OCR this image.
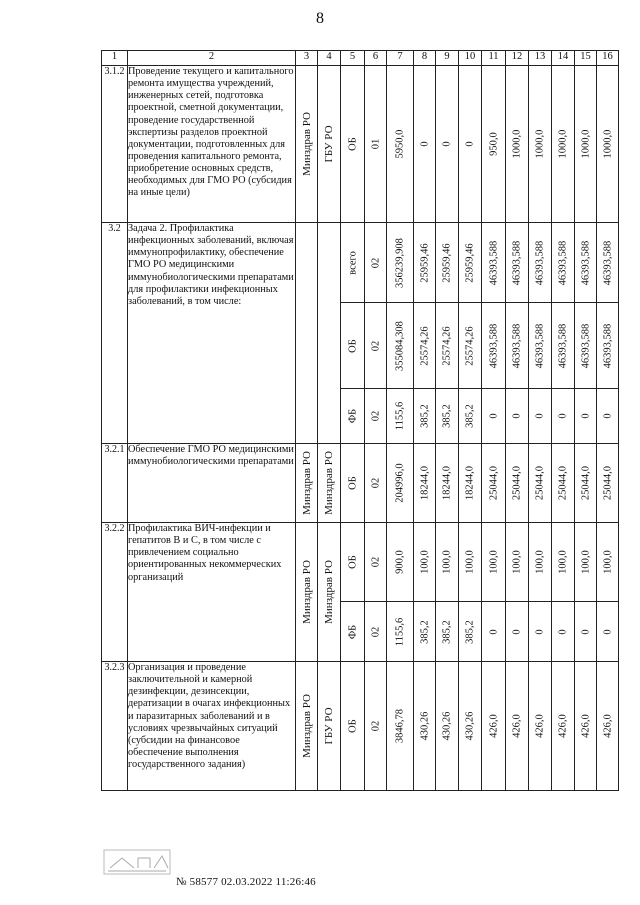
8
1	2	3	4	5	6	7	8	9	10	11	12	13	14	15	16
3.1.2	Проведение текущего и капитального ремонта имущества учреждений, инженерных сетей, подготовка проектной, сметной документации, проведение государственной экспертизы разделов проектной документации, подготовленных для проведения капитального ремонта, приобретение основных средств, необходимых для ГМО РО (субсидия на иные цели)	Минздрав РО	ГБУ РО	ОБ	01	5950,0	0	0	0	950,0	1000,0	1000,0	1000,0	1000,0	1000,0

3.2	Задача 2. Профилактика инфекционных заболеваний, включая иммунопрофилактику, обеспечение ГМО РО медицинскими иммунобиологическими препаратами для профилактики инфекционных заболеваний, в том числе:			всего	02	356239,908	25959,46	25959,46	25959,46	46393,588	46393,588	46393,588	46393,588	46393,588	46393,588

				ОБ	02	355084,308	25574,26	25574,26	25574,26	46393,588	46393,588	46393,588	46393,588	46393,588	46393,588

				ФБ	02	1155,6	385,2	385,2	385,2	0	0	0	0	0	0

3.2.1	Обеспечение ГМО РО медицинскими иммунобиологическими препаратами	Минздрав РО	Минздрав РО	ОБ	02	204996,0	18244,0	18244,0	18244,0	25044,0	25044,0	25044,0	25044,0	25044,0	25044,0

3.2.2	Профилактика ВИЧ-инфекции и гепатитов В и С, в том числе с привлечением социально ориентированных некоммерческих организаций	Минздрав РО	Минздрав РО	ОБ	02	900,0	100,0	100,0	100,0	100,0	100,0	100,0	100,0	100,0	100,0

				ФБ	02	1155,6	385,2	385,2	385,2	0	0	0	0	0	0

3.2.3	Организация и проведение заключительной и камерной дезинфекции, дезинсекции, дератизации в очагах инфекционных и паразитарных заболеваний и в условиях чрезвычайных ситуаций (субсидии на финансовое обеспечение выполнения государственного задания)	Минздрав РО	ГБУ РО	ОБ	02	3846,78	430,26	430,26	430,26	426,0	426,0	426,0	426,0	426,0	426,0
№ 58577 02.03.2022 11:26:46
